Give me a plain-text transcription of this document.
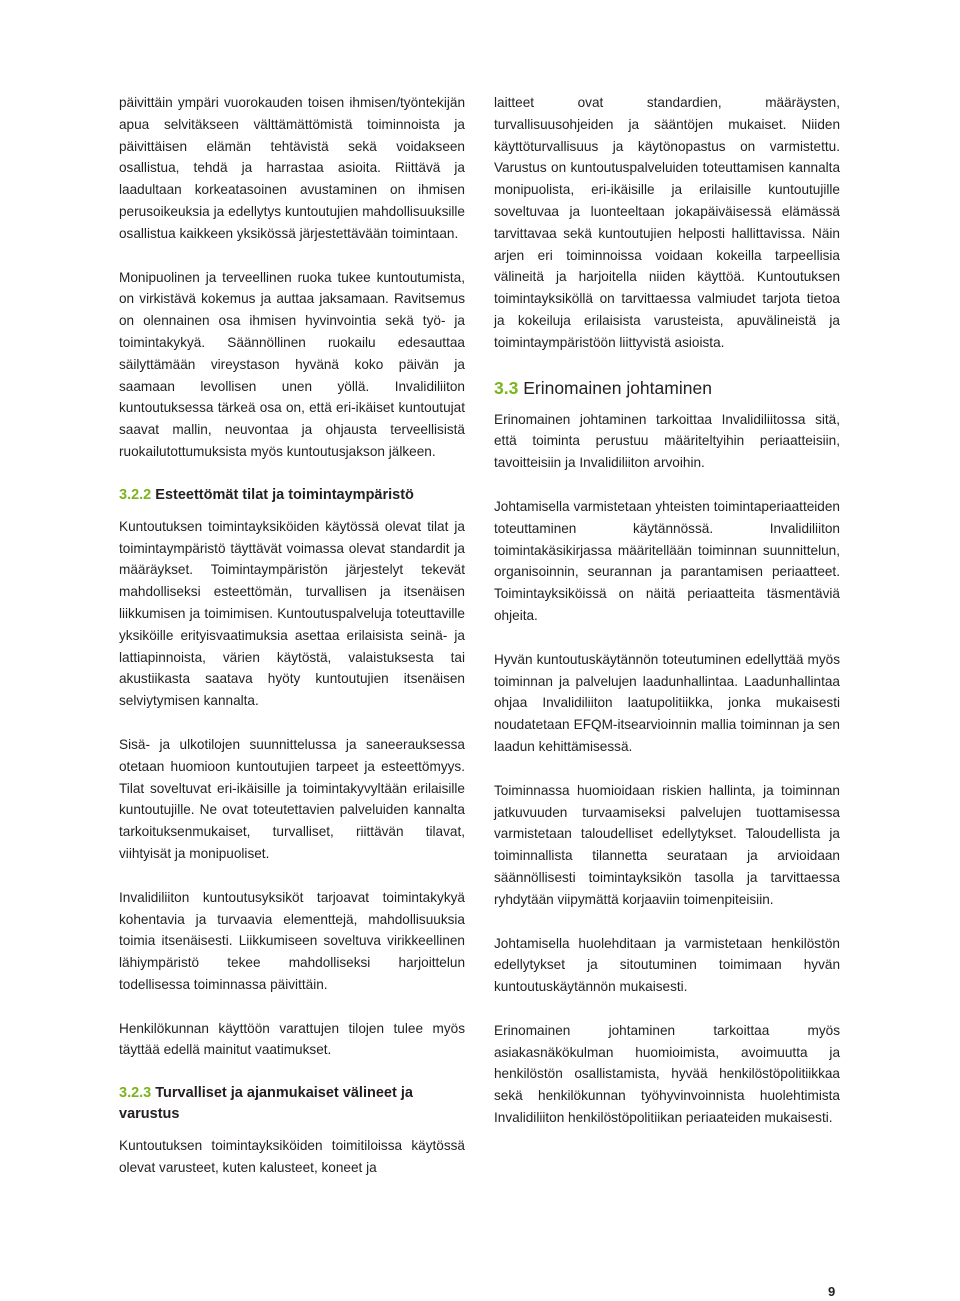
päivittäin ympäri vuorokauden toisen ihmisen/työntekijän apua selvitäkseen välttämättömistä toiminnoista ja päivittäisen elämän tehtävistä sekä voidakseen osallistua, tehdä ja harrastaa asioita. Riittävä ja laadultaan korkeatasoinen avustaminen on ihmisen perusoikeuksia ja edellytys kuntoutujien mahdollisuuksille osallistua kaikkeen yksikössä järjestettävään toimintaan.

Monipuolinen ja terveellinen ruoka tukee kuntoutumista, on virkistävä kokemus ja auttaa jaksamaan. Ravitsemus on olennainen osa ihmisen hyvinvointia sekä työ- ja toimintakykyä. Säännöllinen ruokailu edesauttaa säilyttämään vireystason hyvänä koko päivän ja saamaan levollisen unen yöllä. Invalidiliiton kuntoutuksessa tärkeä osa on, että eri-ikäiset kuntoutujat saavat mallin, neuvontaa ja ohjausta terveellisistä ruokailutottumuksista myös kuntoutusjakson jälkeen.

3.2.2 Esteettömät tilat ja toimintaympäristö

Kuntoutuksen toimintayksiköiden käytössä olevat tilat ja toimintaympäristö täyttävät voimassa olevat standardit ja määräykset. Toimintaympäristön järjestelyt tekevät mahdolliseksi esteettömän, turvallisen ja itsenäisen liikkumisen ja toimimisen. Kuntoutuspalveluja toteuttaville yksiköille erityisvaatimuksia asettaa erilaisista seinä- ja lattiapinnoista, värien käytöstä, valaistuksesta tai akustiikasta saatava hyöty kuntoutujien itsenäisen selviytymisen kannalta.

Sisä- ja ulkotilojen suunnittelussa ja saneerauksessa otetaan huomioon kuntoutujien tarpeet ja esteettömyys. Tilat soveltuvat eri-ikäisille ja toimintakyvyltään erilaisille kuntoutujille. Ne ovat toteutettavien palveluiden kannalta tarkoituksenmukaiset, turvalliset, riittävän tilavat, viihtyisät ja monipuoliset.

Invalidiliiton kuntoutusyksiköt tarjoavat toimintakykyä kohentavia ja turvaavia elementtejä, mahdollisuuksia toimia itsenäisesti. Liikkumiseen soveltuva virikkeellinen lähiympäristö tekee mahdolliseksi harjoittelun todellisessa toiminnassa päivittäin.

Henkilökunnan käyttöön varattujen tilojen tulee myös täyttää edellä mainitut vaatimukset.

3.2.3 Turvalliset ja ajanmukaiset välineet ja varustus

Kuntoutuksen toimintayksiköiden toimitiloissa käytössä olevat varusteet, kuten kalusteet, koneet ja

laitteet ovat standardien, määräysten, turvallisuusohjeiden ja sääntöjen mukaiset. Niiden käyttöturvallisuus ja käytönopastus on varmistettu. Varustus on kuntoutuspalveluiden toteuttamisen kannalta monipuolista, eri-ikäisille ja erilaisille kuntoutujille soveltuvaa ja luonteeltaan jokapäiväisessä elämässä tarvittavaa sekä kuntoutujien helposti hallittavissa. Näin arjen eri toiminnoissa voidaan kokeilla tarpeellisia välineitä ja harjoitella niiden käyttöä. Kuntoutuksen toimintayksiköllä on tarvittaessa valmiudet tarjota tietoa ja kokeiluja erilaisista varusteista, apuvälineistä ja toimintaympäristöön liittyvistä asioista.

3.3 Erinomainen johtaminen

Erinomainen johtaminen tarkoittaa Invalidiliitossa sitä, että toiminta perustuu määriteltyihin periaatteisiin, tavoitteisiin ja Invalidiliiton arvoihin.

Johtamisella varmistetaan yhteisten toimintaperiaatteiden toteuttaminen käytännössä. Invalidiliiton toimintakäsikirjassa määritellään toiminnan suunnittelun, organisoinnin, seurannan ja parantamisen periaatteet. Toimintayksiköissä on näitä periaatteita täsmentäviä ohjeita.

Hyvän kuntoutuskäytännön toteutuminen edellyttää myös toiminnan ja palvelujen laadunhallintaa. Laadunhallintaa ohjaa Invalidiliiton laatupolitiikka, jonka mukaisesti noudatetaan EFQM-itsearvioinnin mallia toiminnan ja sen laadun kehittämisessä.

Toiminnassa huomioidaan riskien hallinta, ja toiminnan jatkuvuuden turvaamiseksi palvelujen tuottamisessa varmistetaan taloudelliset edellytykset. Taloudellista ja toiminnallista tilannetta seurataan ja arvioidaan säännöllisesti toimintayksikön tasolla ja tarvittaessa ryhdytään viipymättä korjaaviin toimenpiteisiin.

Johtamisella huolehditaan ja varmistetaan henkilöstön edellytykset ja sitoutuminen toimimaan hyvän kuntoutuskäytännön mukaisesti.

Erinomainen johtaminen tarkoittaa myös asiakasnäkökulman huomioimista, avoimuutta ja henkilöstön osallistamista, hyvää henkilöstöpolitiikkaa sekä henkilökunnan työhyvinvoinnista huolehtimista Invalidiliiton henkilöstöpolitiikan periaateiden mukaisesti.

9
